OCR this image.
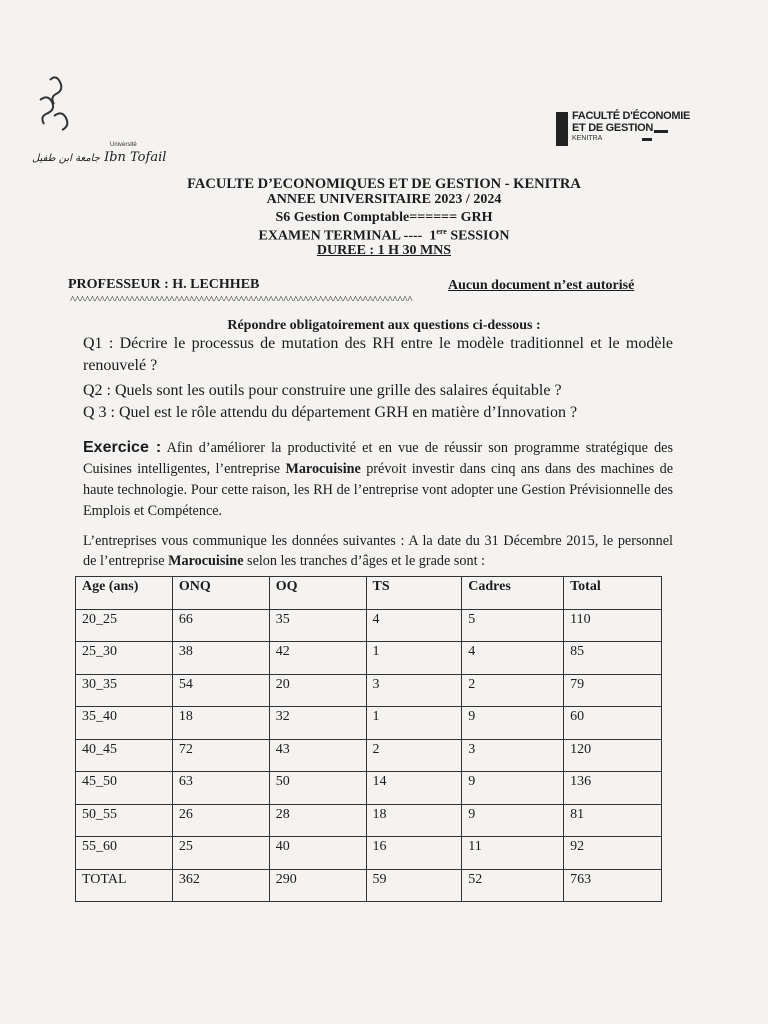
Université
جامعة ابن طفيل Ibn Tofail
FACULTÉ D'ÉCONOMIE
ET DE GESTION
KENITRA
FACULTE D’ECONOMIQUES ET DE GESTION - KENITRA
ANNEE UNIVERSITAIRE 2023 / 2024
S6 Gestion Comptable====== GRH
EXAMEN TERMINAL ---- 1ere SESSION
DUREE : 1 H 30 MNS
PROFESSEUR : H. LECHHEB	Aucun document n’est autorisé
^^^^^^^^^^^^^^^^^^^^^^^^^^^^^^^^^^^^^^^^^^^^^^^^^^^^^^^^^^^^^^^^^^^^^
Répondre obligatoirement aux questions ci-dessous :
Q1 : Décrire le processus de mutation des RH entre le modèle traditionnel et le modèle renouvelé ?
Q2 : Quels sont les outils pour construire une grille des salaires équitable ?
Q 3 : Quel est le rôle attendu du département GRH en matière d’Innovation ?
Exercice : Afin d’améliorer la productivité et en vue de réussir son programme stratégique des Cuisines intelligentes, l’entreprise Marocuisine prévoit investir dans cinq ans dans des machines de haute technologie. Pour cette raison, les RH de l’entreprise vont adopter une Gestion Prévisionnelle des Emplois et Compétence.
L’entreprises vous communique les données suivantes : A la date du 31 Décembre 2015, le personnel de l’entreprise Marocuisine selon les tranches d’âges et le grade sont :
Age (ans)	ONQ	OQ	TS	Cadres	Total
20_25	66	35	4	5	110
25_30	38	42	1	4	85
30_35	54	20	3	2	79
35_40	18	32	1	9	60
40_45	72	43	2	3	120
45_50	63	50	14	9	136
50_55	26	28	18	9	81
55_60	25	40	16	11	92
TOTAL	362	290	59	52	763
